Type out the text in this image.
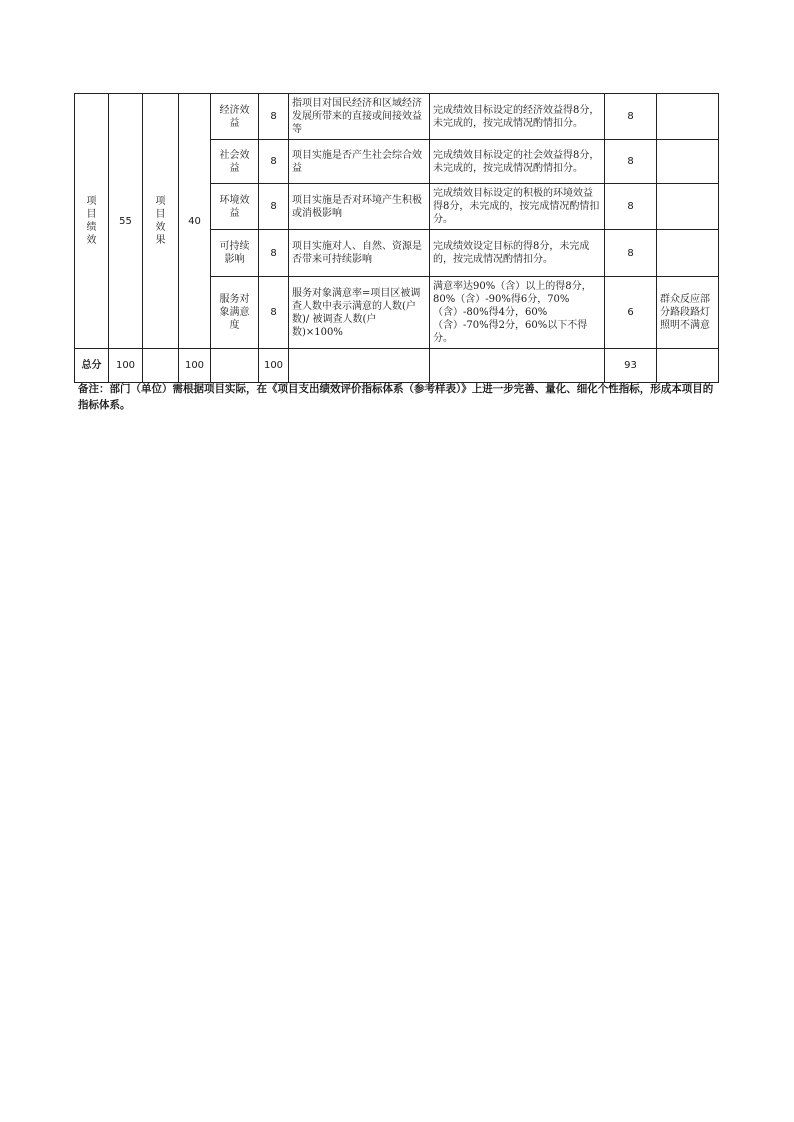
项目绩效	55	项目效果	40	经济效益	8	指项目对国民经济和区域经济发展所带来的直接或间接效益等	完成绩效目标设定的经济效益得8分，未完成的，按完成情况酌情扣分。	8	
				社会效益	8	项目实施是否产生社会综合效益	完成绩效目标设定的社会效益得8分，未完成的，按完成情况酌情扣分。	8	
				环境效益	8	项目实施是否对环境产生积极或消极影响	完成绩效目标设定的积极的环境效益得8分，未完成的，按完成情况酌情扣分。	8	
				可持续影响	8	项目实施对人、自然、资源是否带来可持续影响	完成绩效设定目标的得8分，未完成的，按完成情况酌情扣分。	8	
				服务对象满意度	8	服务对象满意率=项目区被调查人数中表示满意的人数(户数)/ 被调查人数(户数)×100%	满意率达90%（含）以上的得8分，80%（含）-90%得6分，70%（含）-80%得4分，60%（含）-70%得2分，60%以下不得分。	6	群众反应部分路段路灯照明不满意
总分	100		100		100			93	
备注：部门（单位）需根据项目实际，在《项目支出绩效评价指标体系（参考样表）》上进一步完善、量化、细化个性指标，形成本项目的指标体系。
